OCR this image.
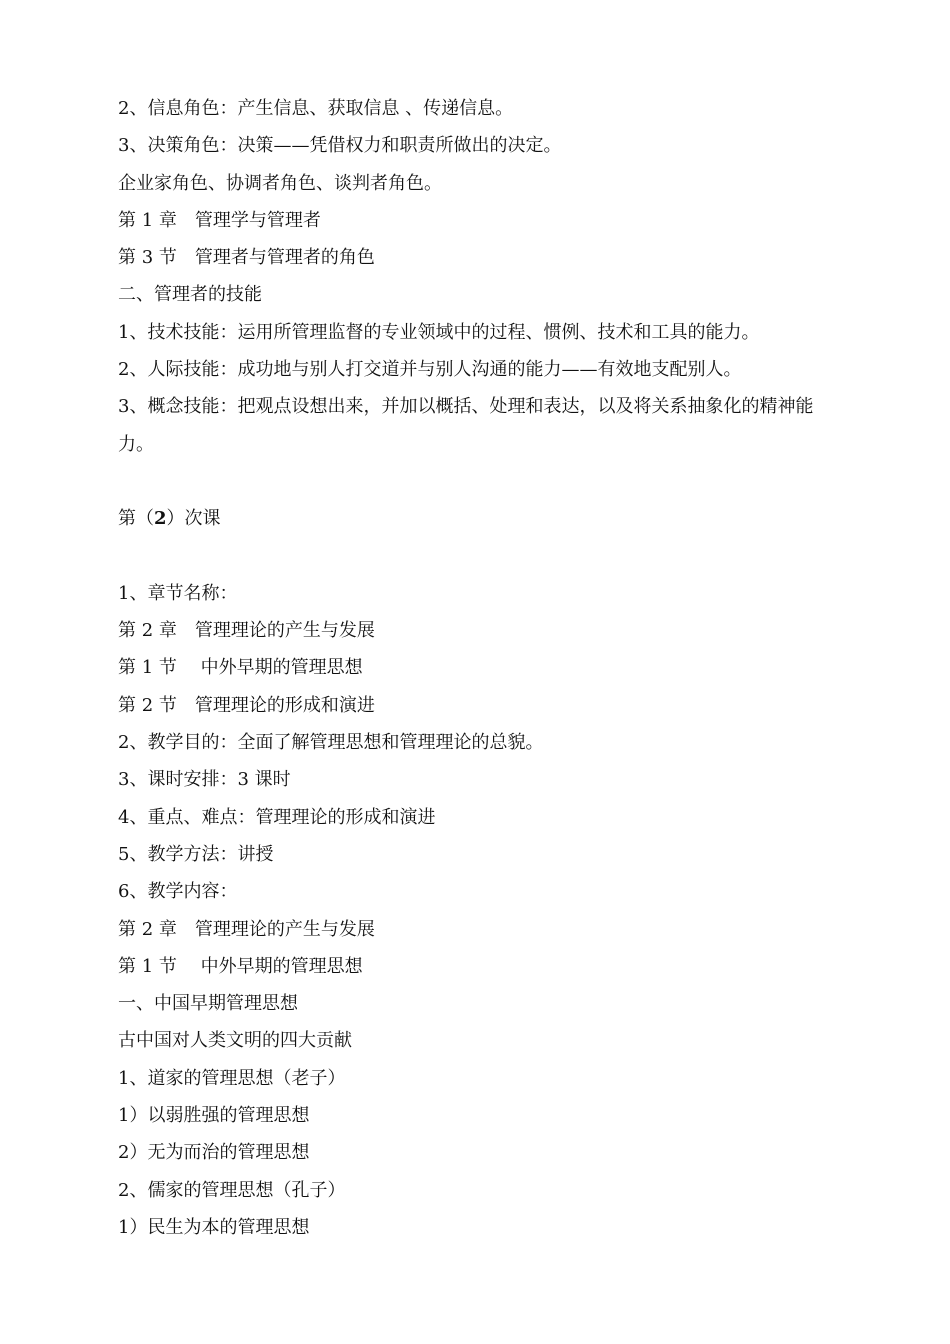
2、信息角色：产生信息、获取信息 、传递信息。
3、决策角色：决策——凭借权力和职责所做出的决定。
企业家角色、协调者角色、谈判者角色。
第 1 章　管理学与管理者
第 3 节　管理者与管理者的角色
二、管理者的技能
1、技术技能：运用所管理监督的专业领域中的过程、惯例、技术和工具的能力。
2、人际技能：成功地与别人打交道并与别人沟通的能力——有效地支配别人。
3、概念技能：把观点设想出来，并加以概括、处理和表达，以及将关系抽象化的精神能力。
第（2）次课
1、章节名称：
第 2 章　管理理论的产生与发展
第 1 节　 中外早期的管理思想
第 2 节　管理理论的形成和演进
2、教学目的：全面了解管理思想和管理理论的总貌。
3、课时安排：3 课时
4、重点、难点：管理理论的形成和演进
5、教学方法：讲授
6、教学内容：
第 2 章　管理理论的产生与发展
第 1 节　 中外早期的管理思想
一、中国早期管理思想
古中国对人类文明的四大贡献
1、道家的管理思想（老子）
1）以弱胜强的管理思想
2）无为而治的管理思想
2、儒家的管理思想（孔子）
1）民生为本的管理思想
